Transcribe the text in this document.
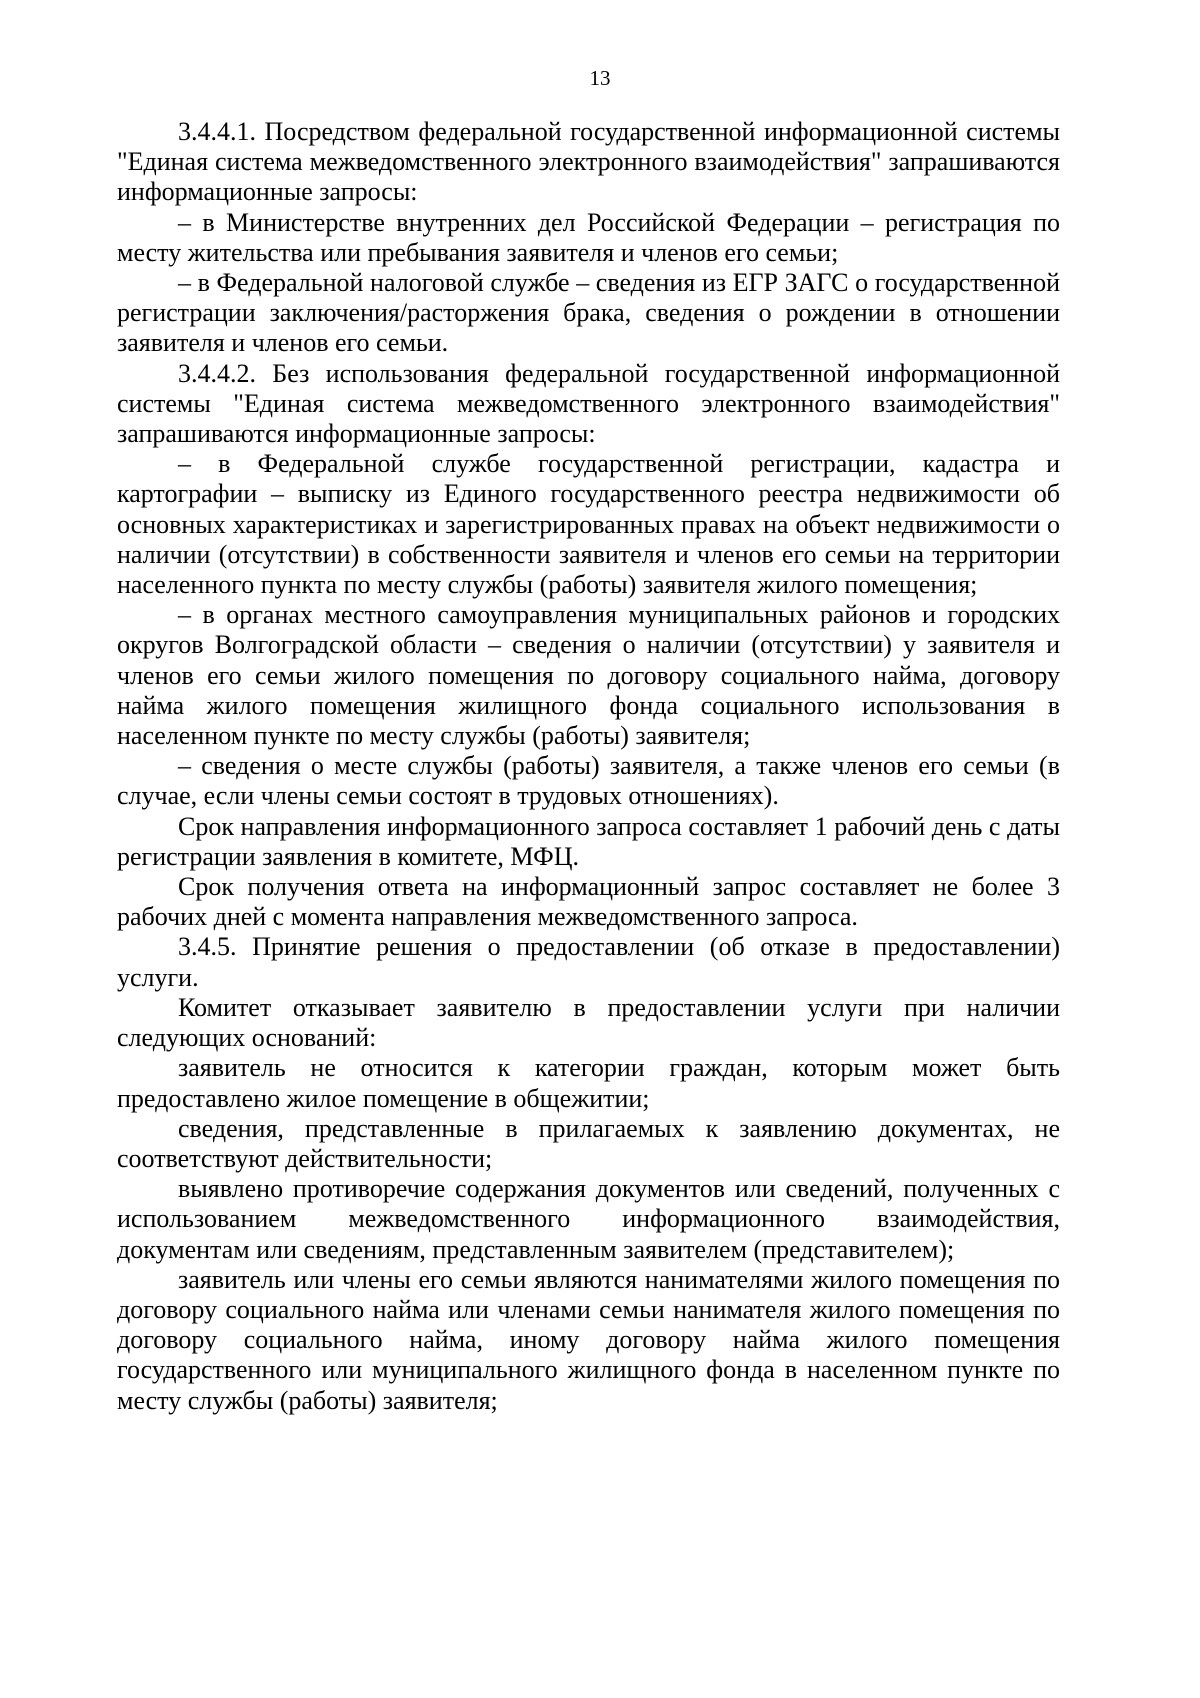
13

3.4.4.1. Посредством федеральной государственной информационной системы "Единая система межведомственного электронного взаимодействия" запрашиваются информационные запросы:

– в Министерстве внутренних дел Российской Федерации – регистрация по месту жительства или пребывания заявителя и членов его семьи;

– в Федеральной налоговой службе – сведения из ЕГР ЗАГС о государственной регистрации заключения/расторжения брака, сведения о рождении в отношении заявителя и членов его семьи.

3.4.4.2. Без использования федеральной государственной информационной системы "Единая система межведомственного электронного взаимодействия" запрашиваются информационные запросы:

– в Федеральной службе государственной регистрации, кадастра и картографии – выписку из Единого государственного реестра недвижимости об основных характеристиках и зарегистрированных правах на объект недвижимости о наличии (отсутствии) в собственности заявителя и членов его семьи на территории населенного пункта по месту службы (работы) заявителя жилого помещения;

– в органах местного самоуправления муниципальных районов и городских округов Волгоградской области – сведения о наличии (отсутствии) у заявителя и членов его семьи жилого помещения по договору социального найма, договору найма жилого помещения жилищного фонда социального использования в населенном пункте по месту службы (работы) заявителя;

– сведения о месте службы (работы) заявителя, а также членов его семьи (в случае, если члены семьи состоят в трудовых отношениях).

Срок направления информационного запроса составляет 1 рабочий день с даты регистрации заявления в комитете, МФЦ.

Срок получения ответа на информационный запрос составляет не более 3 рабочих дней с момента направления межведомственного запроса.

3.4.5. Принятие решения о предоставлении (об отказе в предоставлении) услуги.

Комитет отказывает заявителю в предоставлении услуги при наличии следующих оснований:

заявитель не относится к категории граждан, которым может быть предоставлено жилое помещение в общежитии;

сведения, представленные в прилагаемых к заявлению документах, не соответствуют действительности;

выявлено противоречие содержания документов или сведений, полученных с использованием межведомственного информационного взаимодействия, документам или сведениям, представленным заявителем (представителем);

заявитель или члены его семьи являются нанимателями жилого помещения по договору социального найма или членами семьи нанимателя жилого помещения по договору социального найма, иному договору найма жилого помещения государственного или муниципального жилищного фонда в населенном пункте по месту службы (работы) заявителя;
